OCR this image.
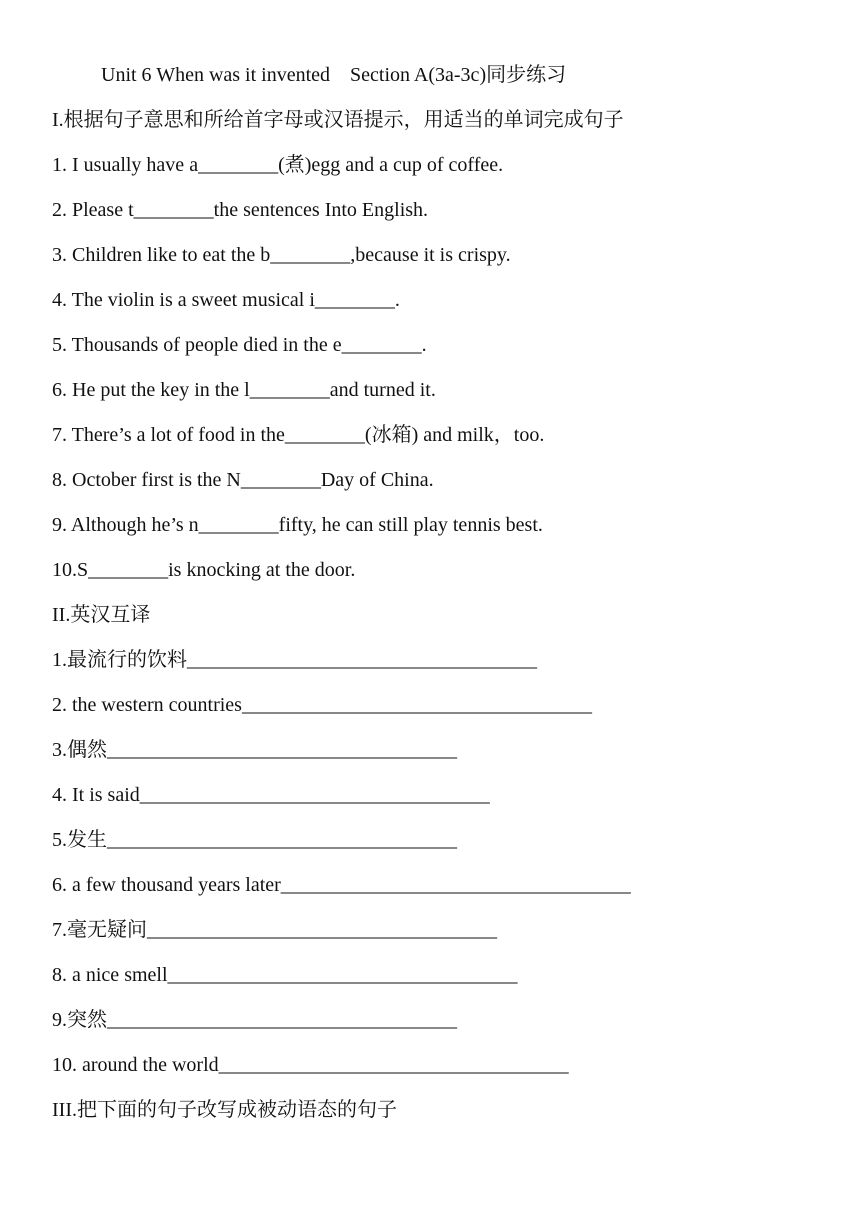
Unit 6 When was it invented    Section A(3a-3c)同步练习
I.根据句子意思和所给首字母或汉语提示，用适当的单词完成句子
1. I usually have a________(煮)egg and a cup of coffee.
2. Please t________the sentences Into English.
3. Children like to eat the b________,because it is crispy.
4. The violin is a sweet musical i________.
5. Thousands of people died in the e________.
6. He put the key in the l________and turned it.
7. There’s a lot of food in the________(冰箱) and milk，too.
8. October first is the N________Day of China.
9. Although he’s n________fifty, he can still play tennis best.
10.S________is knocking at the door.
II.英汉互译
1.最流行的饮料___________________________________
2. the western countries___________________________________
3.偶然___________________________________
4. It is said___________________________________
5.发生___________________________________
6. a few thousand years later___________________________________
7.毫无疑问___________________________________
8. a nice smell___________________________________
9.突然___________________________________
10. around the world___________________________________
III.把下面的句子改写成被动语态的句子
